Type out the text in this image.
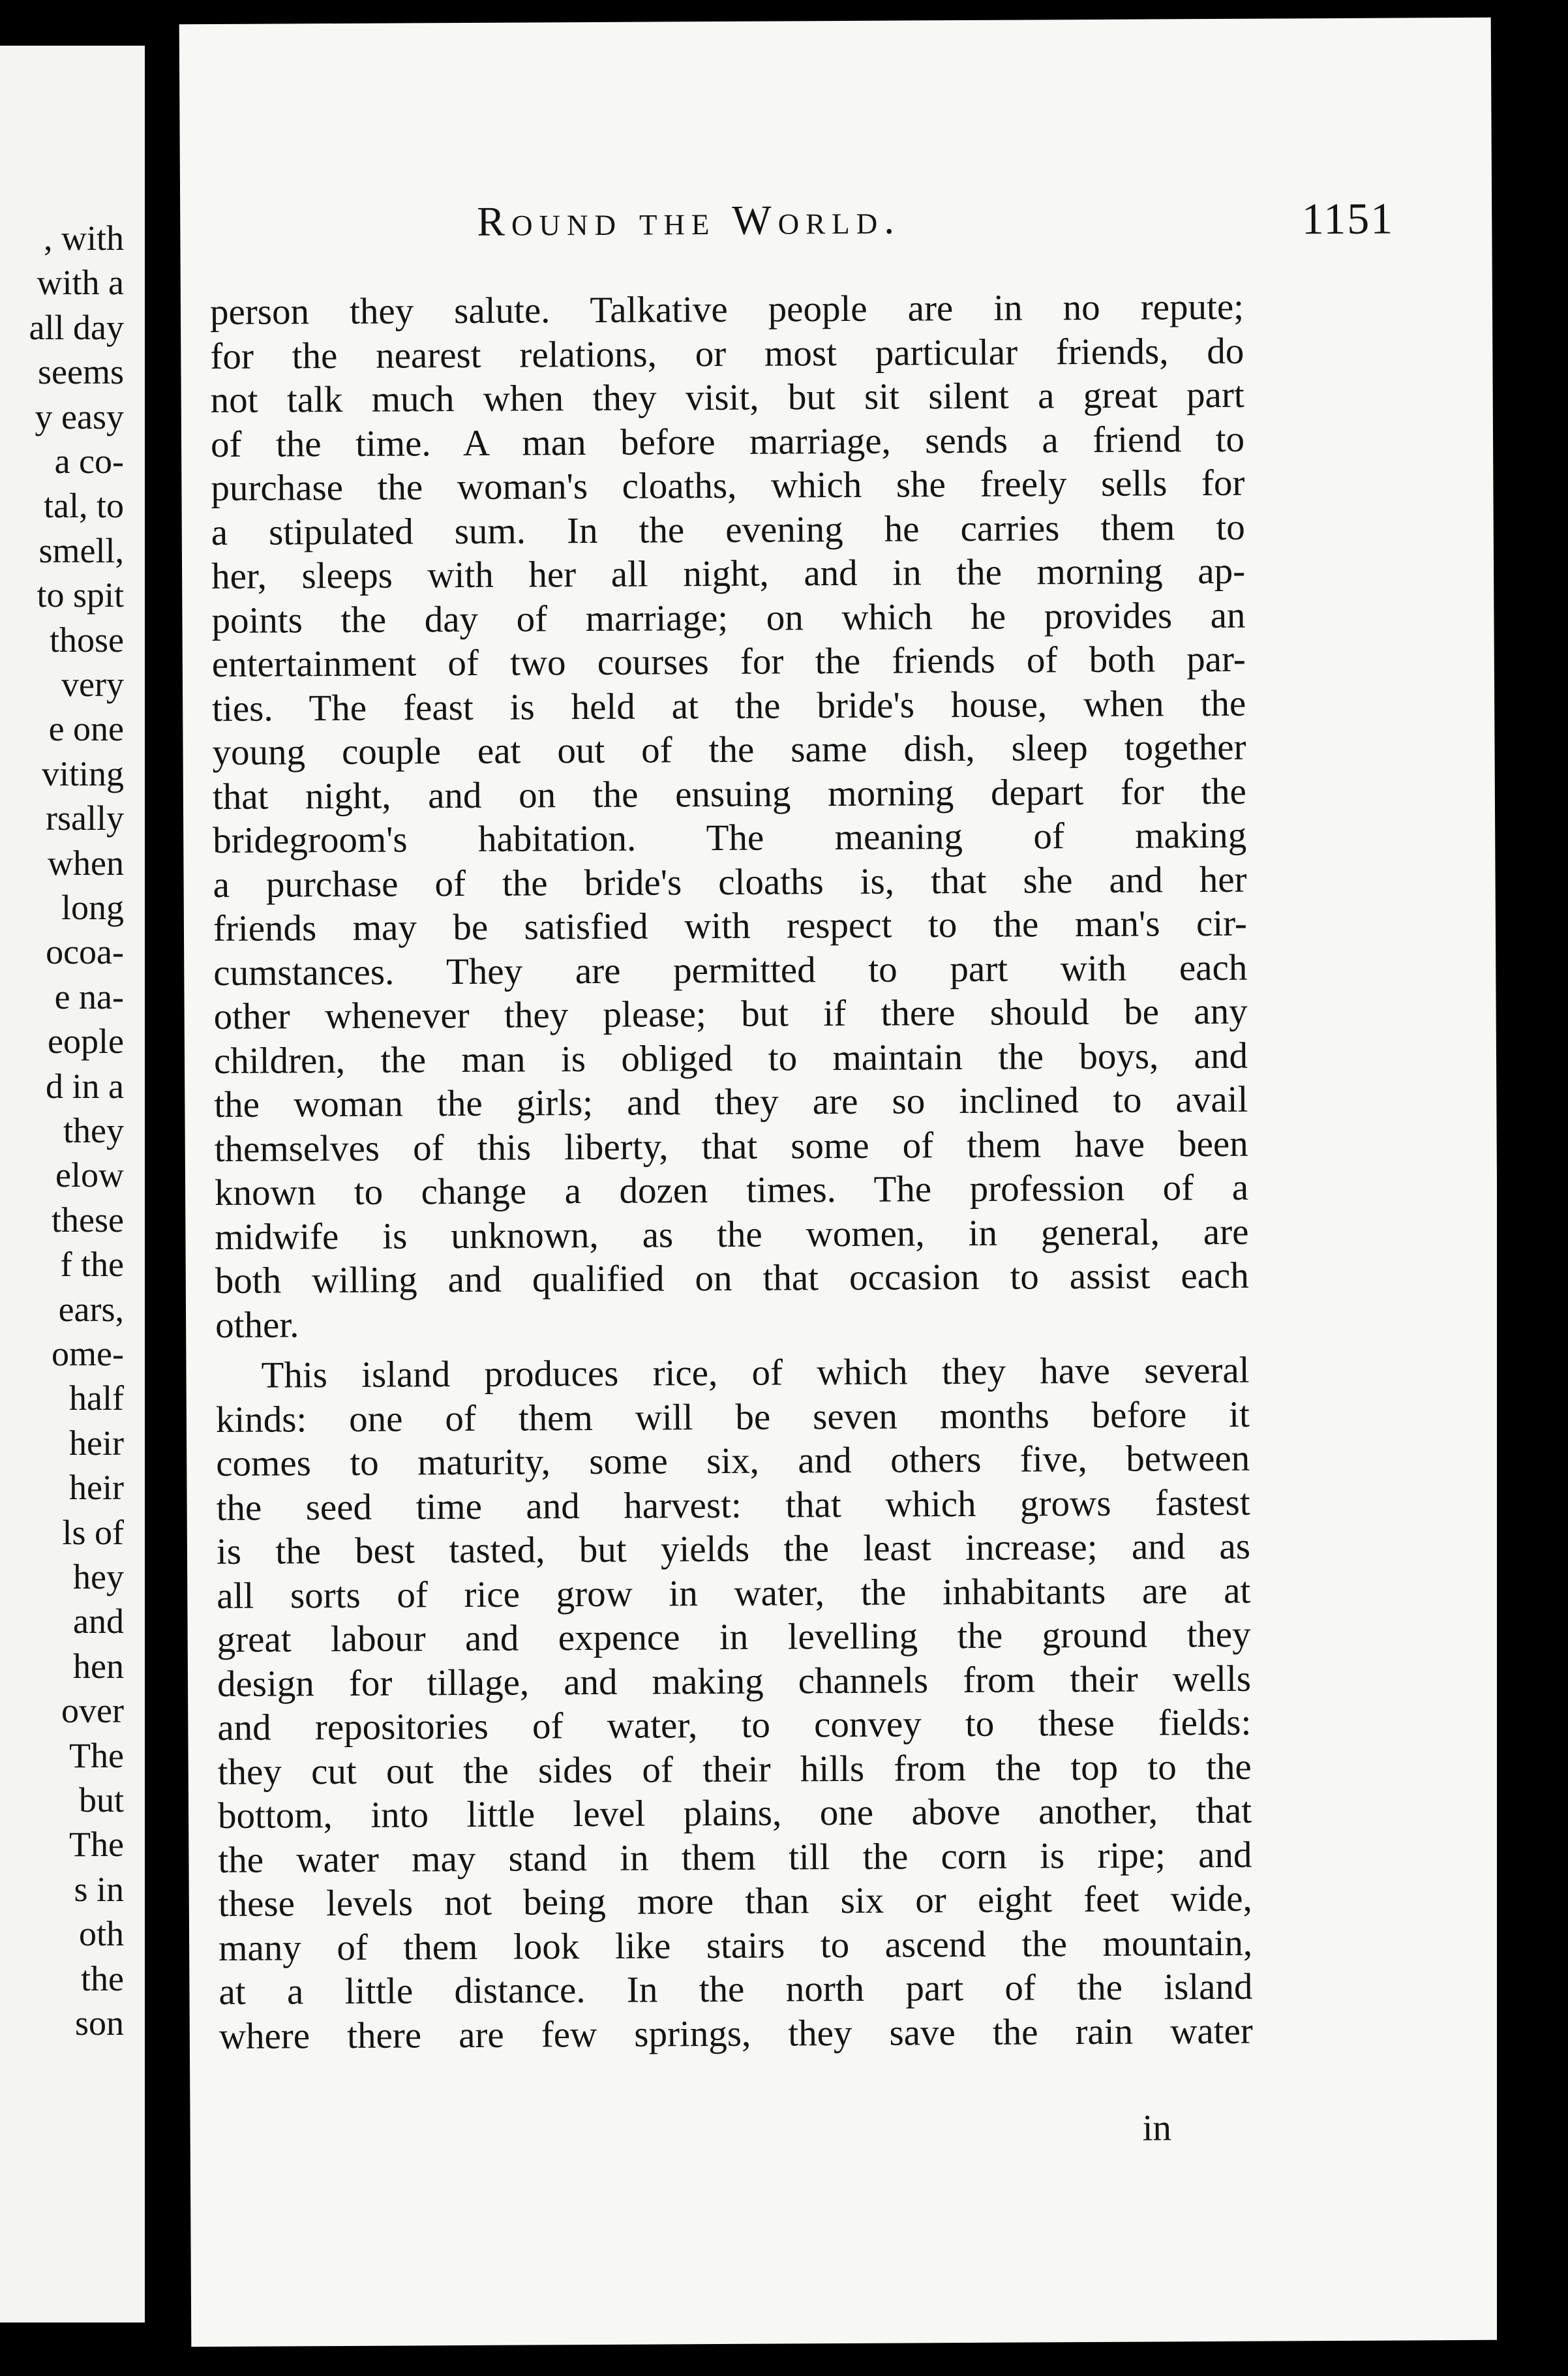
, with
with a
all day
seems
y easy
a co-
tal, to
smell,
to spit
those
very
e one
viting
rsally
when
long
ocoa-
e na-
eople
d in a
they
elow
these
f the
ears,
ome-
half
heir
heir
ls of
hey
and
hen
over
The
but
The
s in
oth
the
son
Round the World.	1151
person they salute. Talkative people are in no repute;
for the nearest relations, or most particular friends, do
not talk much when they visit, but sit silent a great part
of the time. A man before marriage, sends a friend to
purchase the woman's cloaths, which she freely sells for
a stipulated sum. In the evening he carries them to
her, sleeps with her all night, and in the morning ap-
points the day of marriage; on which he provides an
entertainment of two courses for the friends of both par-
ties. The feast is held at the bride's house, when the
young couple eat out of the same dish, sleep together
that night, and on the ensuing morning depart for the
bridegroom's habitation. The meaning of making
a purchase of the bride's cloaths is, that she and her
friends may be satisfied with respect to the man's cir-
cumstances. They are permitted to part with each
other whenever they please; but if there should be any
children, the man is obliged to maintain the boys, and
the woman the girls; and they are so inclined to avail
themselves of this liberty, that some of them have been
known to change a dozen times. The profession of a
midwife is unknown, as the women, in general, are
both willing and qualified on that occasion to assist each
other.
This island produces rice, of which they have several
kinds: one of them will be seven months before it
comes to maturity, some six, and others five, between
the seed time and harvest: that which grows fastest
is the best tasted, but yields the least increase; and as
all sorts of rice grow in water, the inhabitants are at
great labour and expence in levelling the ground they
design for tillage, and making channels from their wells
and repositories of water, to convey to these fields:
they cut out the sides of their hills from the top to the
bottom, into little level plains, one above another, that
the water may stand in them till the corn is ripe; and
these levels not being more than six or eight feet wide,
many of them look like stairs to ascend the mountain,
at a little distance. In the north part of the island
where there are few springs, they save the rain water
in
